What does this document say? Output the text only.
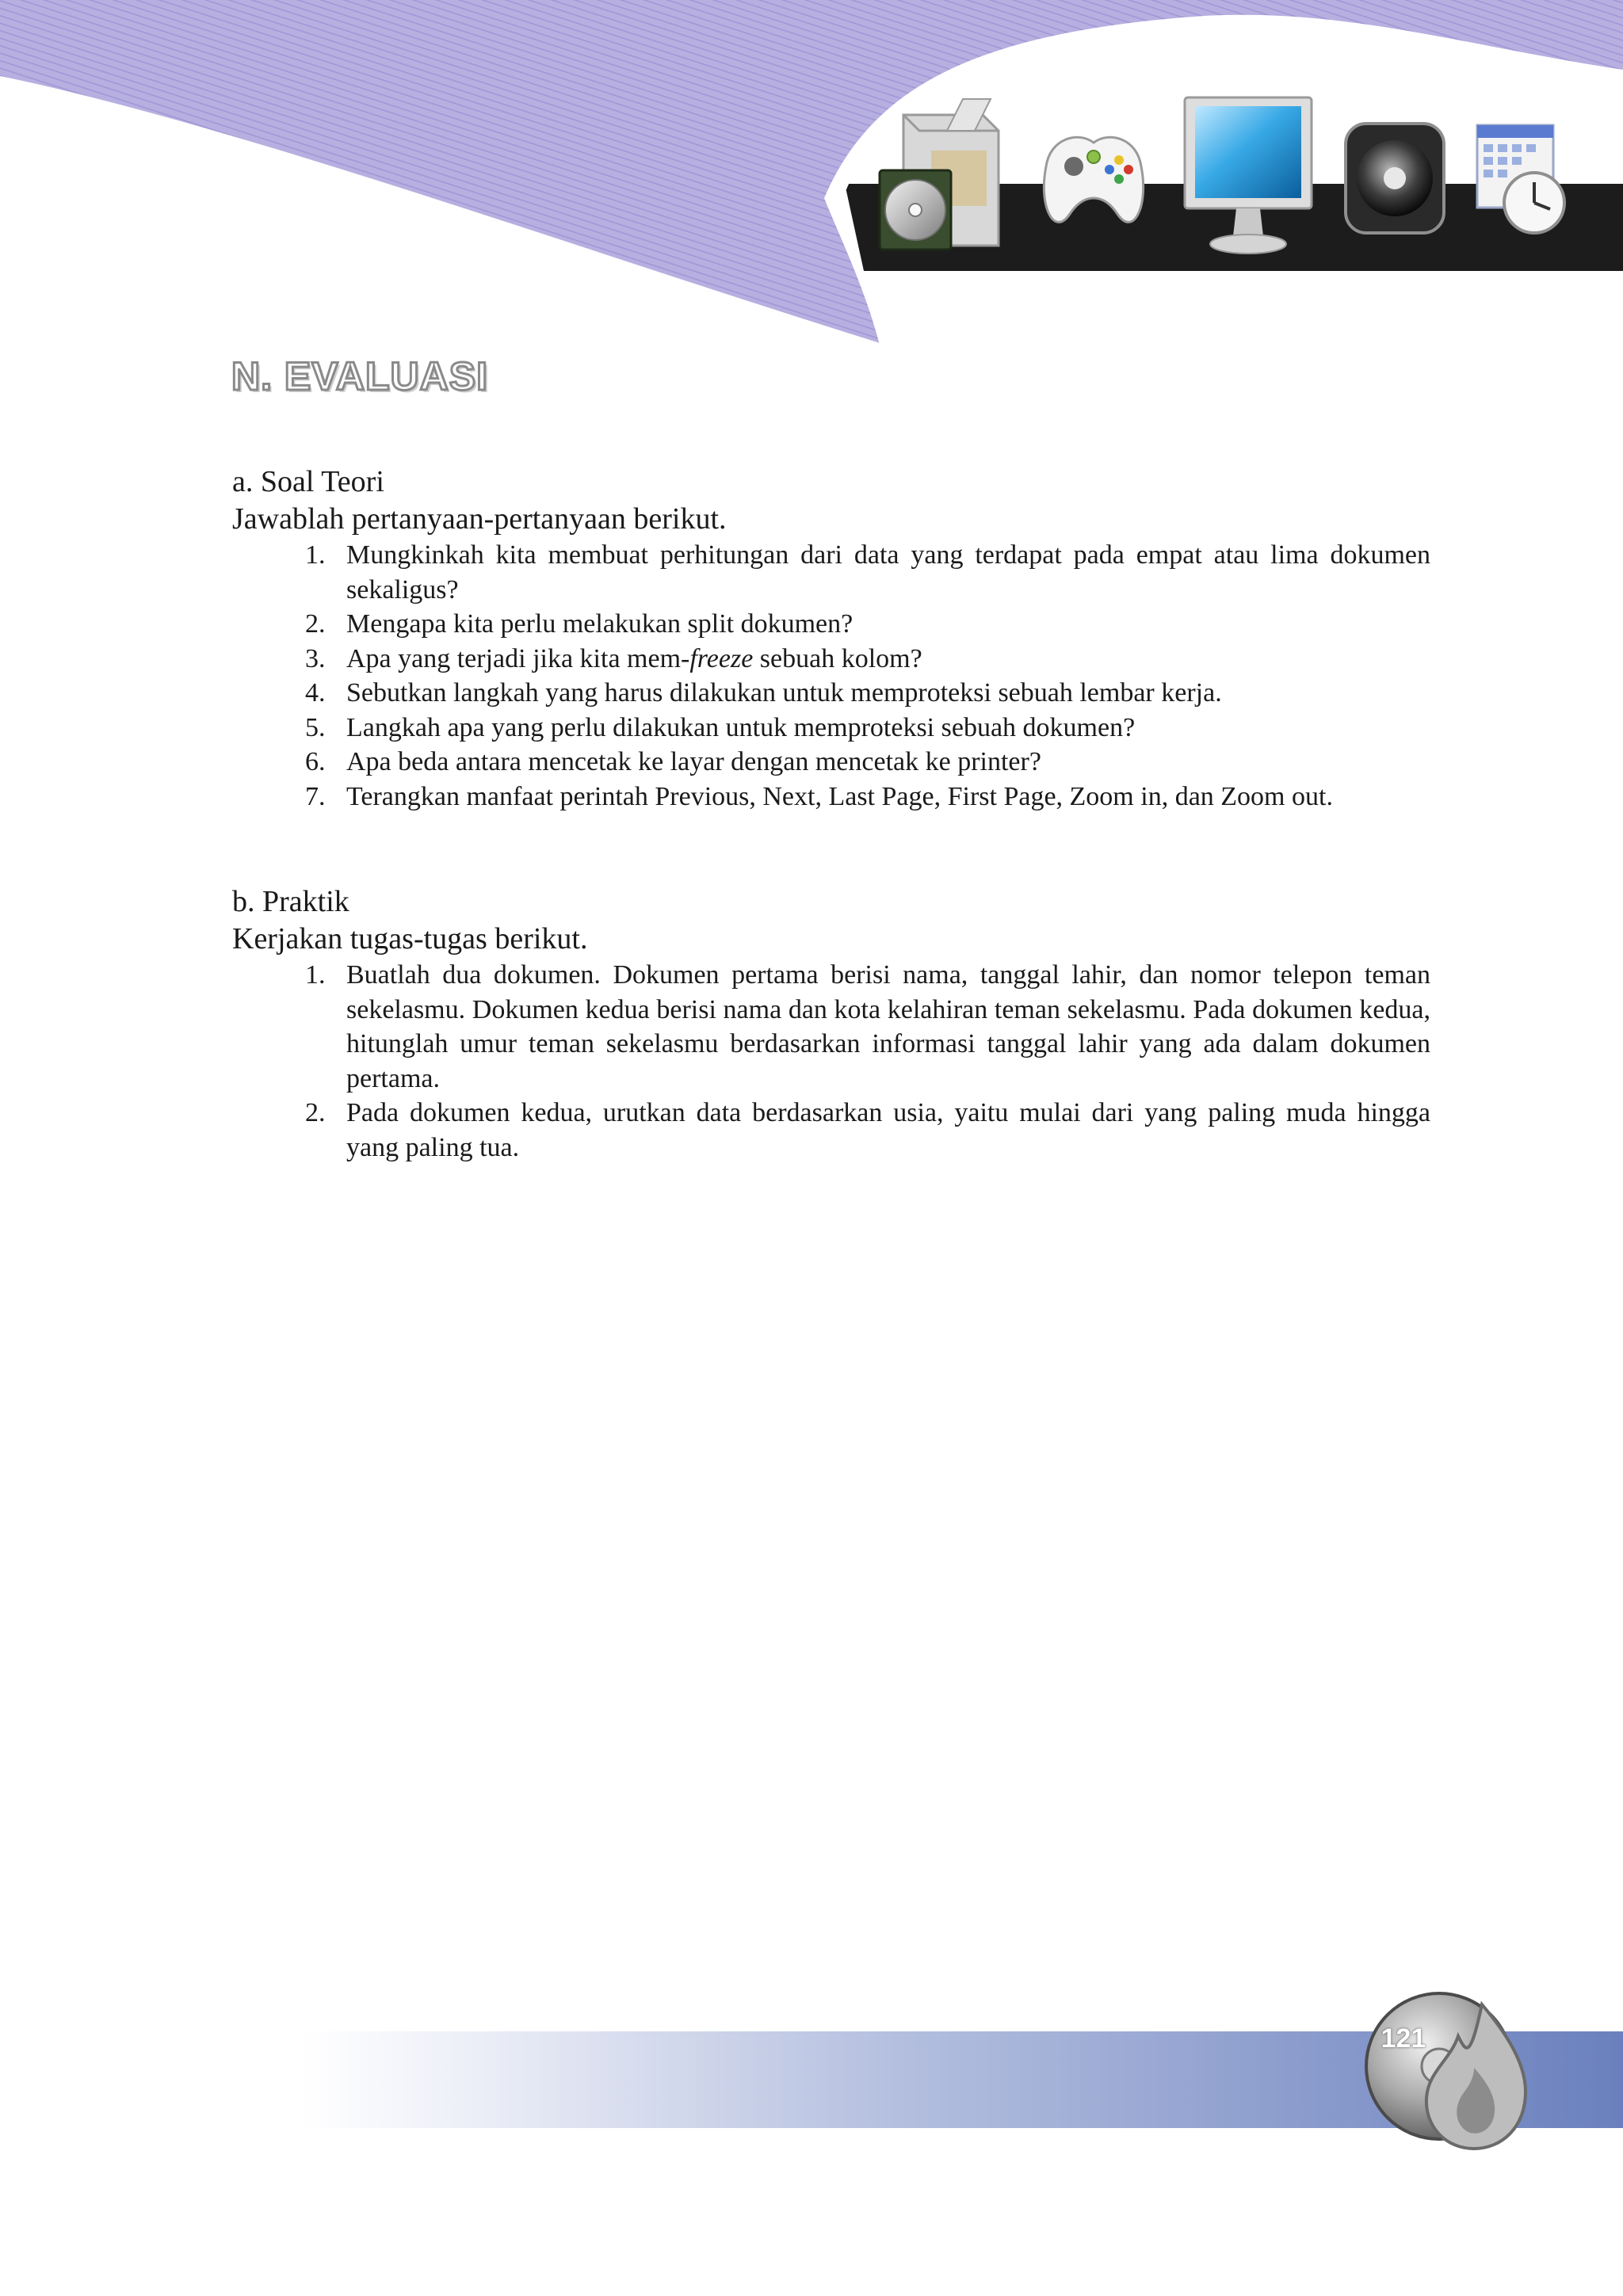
N. EVALUASI

a. Soal Teori

Jawablah pertanyaan-pertanyaan berikut.

1. Mungkinkah kita membuat perhitungan dari data yang terdapat pada empat atau lima dokumen sekaligus?
2. Mengapa kita perlu melakukan split dokumen?
3. Apa yang terjadi jika kita mem-freeze sebuah kolom?
4. Sebutkan langkah yang harus dilakukan untuk memproteksi sebuah lembar kerja.
5. Langkah apa yang perlu dilakukan untuk memproteksi sebuah dokumen?
6. Apa beda antara mencetak ke layar dengan mencetak ke printer?
7. Terangkan manfaat perintah Previous, Next, Last Page, First Page, Zoom in, dan Zoom out.

b. Praktik

Kerjakan tugas-tugas berikut.

1. Buatlah dua dokumen. Dokumen pertama berisi nama, tanggal lahir, dan nomor telepon teman sekelasmu. Dokumen kedua berisi nama dan kota kelahiran teman sekelasmu. Pada dokumen kedua, hitunglah umur teman sekelasmu berdasarkan informasi tanggal lahir yang ada dalam dokumen pertama.
2. Pada dokumen kedua, urutkan data berdasarkan usia, yaitu mulai dari yang paling muda hingga yang paling tua.
121
